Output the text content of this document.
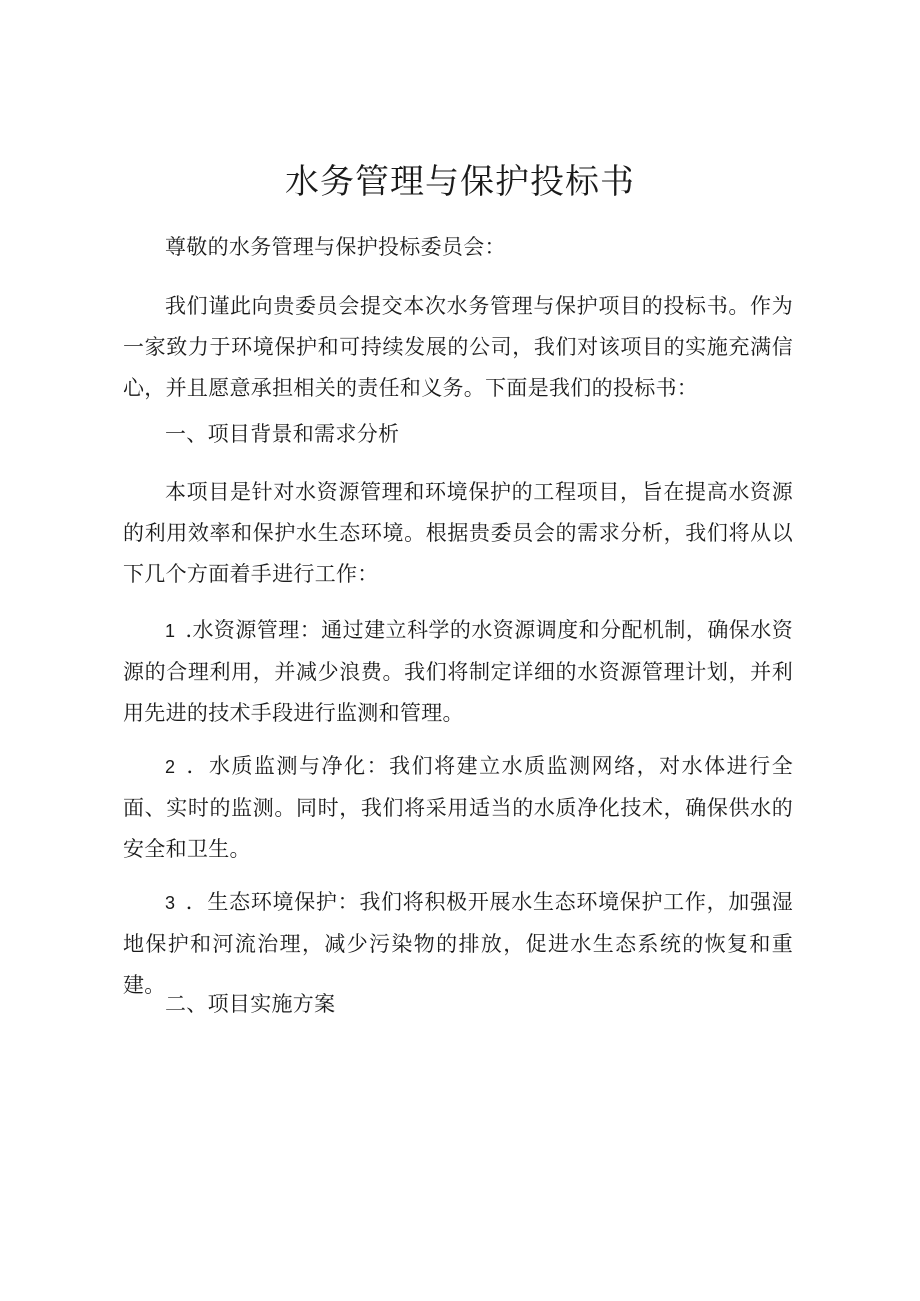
水务管理与保护投标书

尊敬的水务管理与保护投标委员会：

我们谨此向贵委员会提交本次水务管理与保护项目的投标书。作为一家致力于环境保护和可持续发展的公司，我们对该项目的实施充满信心，并且愿意承担相关的责任和义务。下面是我们的投标书：

一、项目背景和需求分析

本项目是针对水资源管理和环境保护的工程项目，旨在提高水资源的利用效率和保护水生态环境。根据贵委员会的需求分析，我们将从以下几个方面着手进行工作：

1 .水资源管理：通过建立科学的水资源调度和分配机制，确保水资源的合理利用，并减少浪费。我们将制定详细的水资源管理计划，并利用先进的技术手段进行监测和管理。

2 ．水质监测与净化：我们将建立水质监测网络，对水体进行全面、实时的监测。同时，我们将采用适当的水质净化技术，确保供水的安全和卫生。

3 ．生态环境保护：我们将积极开展水生态环境保护工作，加强湿地保护和河流治理，减少污染物的排放，促进水生态系统的恢复和重建。

二、项目实施方案
